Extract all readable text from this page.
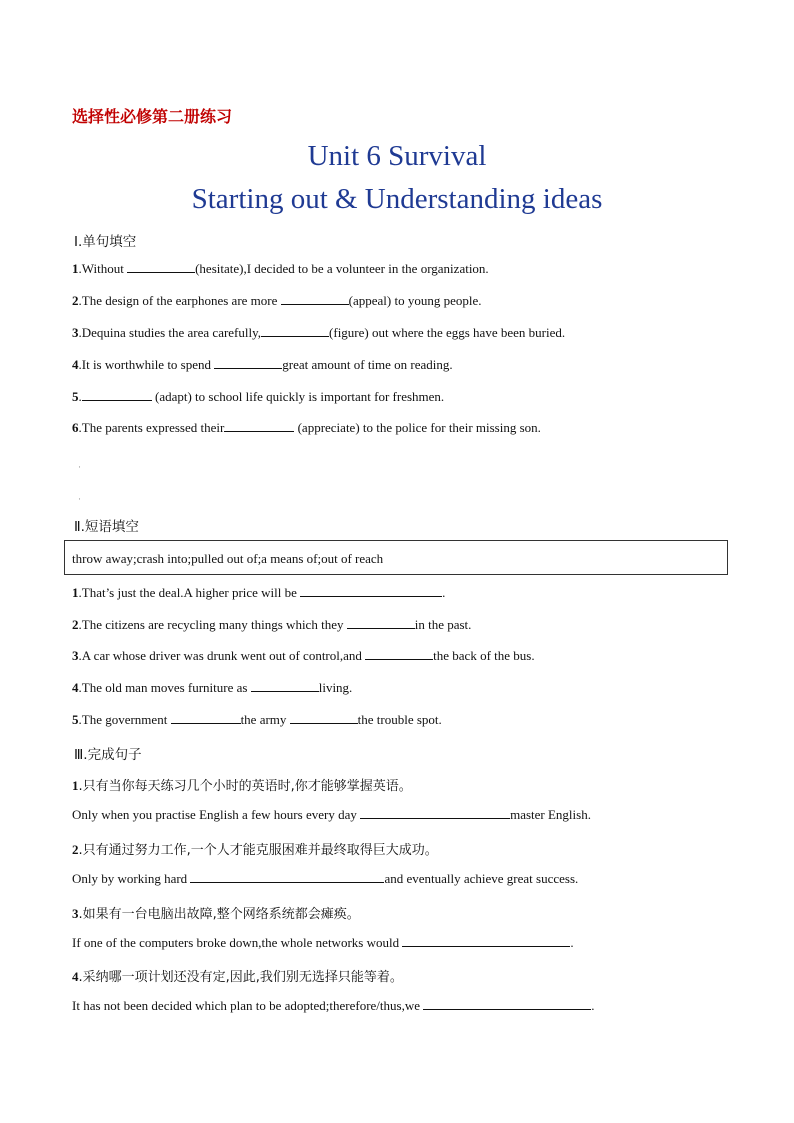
选择性必修第二册练习
Unit 6 Survival
Starting out & Understanding ideas
Ⅰ.单句填空
1.Without	(hesitate),I decided to be a volunteer in the organization.
2.The design of the earphones are more	(appeal) to young people.
3.Dequina studies the area carefully,	(figure) out where the eggs have been buried.
4.It is worthwhile to spend	great amount of time on reading.
5.	(adapt) to school life quickly is important for freshmen.
6.The parents expressed their	(appreciate) to the police for their missing son.
·
·
Ⅱ.短语填空
throw away;crash into;pulled out of;a means of;out of reach
1.That’s just the deal.A higher price will be	.
2.The citizens are recycling many things which they	in the past.
3.A car whose driver was drunk went out of control,and	the back of the bus.
4.The old man moves furniture as	living.
5.The government	the army	the trouble spot.
Ⅲ.完成句子
1.只有当你每天练习几个小时的英语时,你才能够掌握英语。
Only when you practise English a few hours every day	master English.
2.只有通过努力工作,一个人才能克服困难并最终取得巨大成功。
Only by working hard	and eventually achieve great success.
3.如果有一台电脑出故障,整个网络系统都会瘫痪。
If one of the computers broke down,the whole networks would	.
4.采纳哪一项计划还没有定,因此,我们别无选择只能等着。
It has not been decided which plan to be adopted;therefore/thus,we	.
